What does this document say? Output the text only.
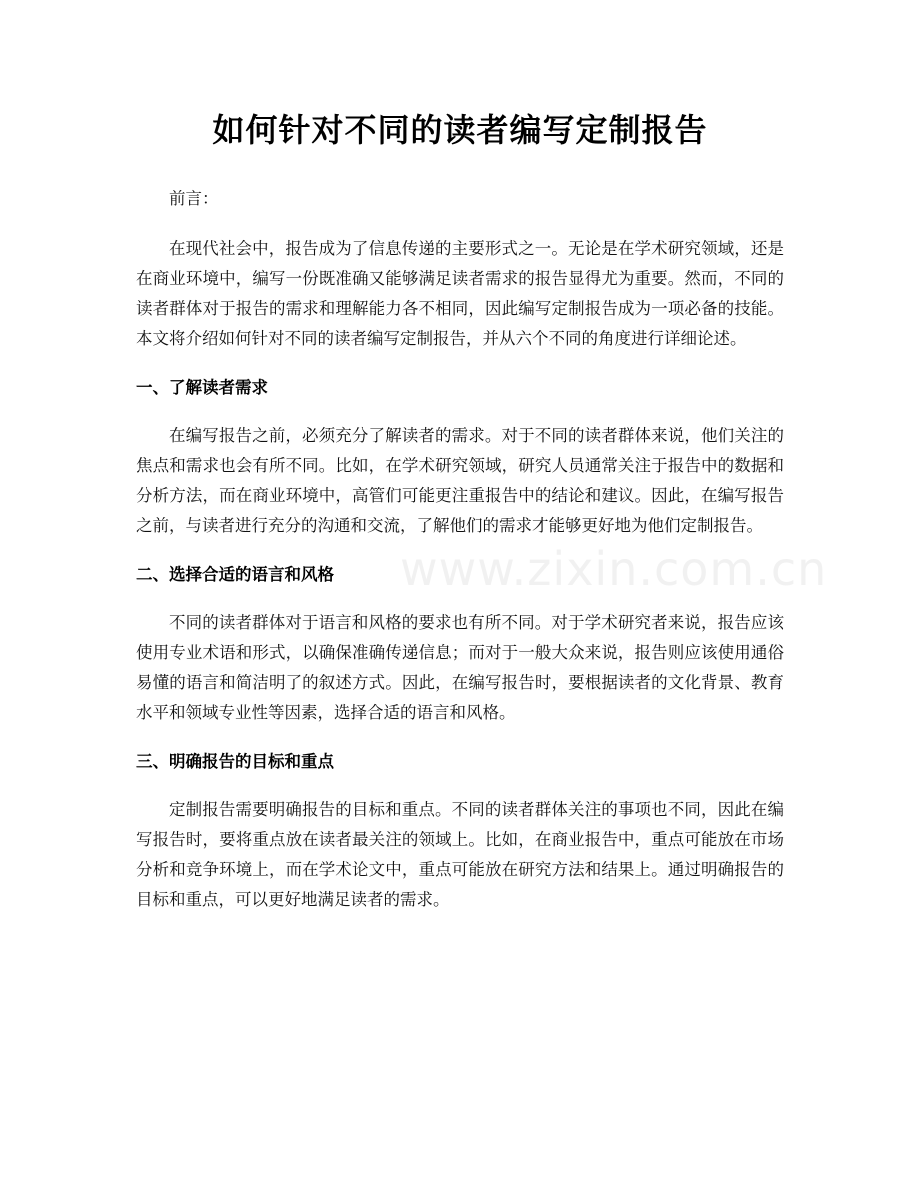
www.zixin.com.cn
如何针对不同的读者编写定制报告

前言：

在现代社会中，报告成为了信息传递的主要形式之一。无论是在学术研究领域，还是在商业环境中，编写一份既准确又能够满足读者需求的报告显得尤为重要。然而，不同的读者群体对于报告的需求和理解能力各不相同，因此编写定制报告成为一项必备的技能。本文将介绍如何针对不同的读者编写定制报告，并从六个不同的角度进行详细论述。

一、了解读者需求

在编写报告之前，必须充分了解读者的需求。对于不同的读者群体来说，他们关注的焦点和需求也会有所不同。比如，在学术研究领域，研究人员通常关注于报告中的数据和分析方法，而在商业环境中，高管们可能更注重报告中的结论和建议。因此，在编写报告之前，与读者进行充分的沟通和交流，了解他们的需求才能够更好地为他们定制报告。

二、选择合适的语言和风格

不同的读者群体对于语言和风格的要求也有所不同。对于学术研究者来说，报告应该使用专业术语和形式，以确保准确传递信息；而对于一般大众来说，报告则应该使用通俗易懂的语言和简洁明了的叙述方式。因此，在编写报告时，要根据读者的文化背景、教育水平和领域专业性等因素，选择合适的语言和风格。

三、明确报告的目标和重点

定制报告需要明确报告的目标和重点。不同的读者群体关注的事项也不同，因此在编写报告时，要将重点放在读者最关注的领域上。比如，在商业报告中，重点可能放在市场分析和竞争环境上，而在学术论文中，重点可能放在研究方法和结果上。通过明确报告的目标和重点，可以更好地满足读者的需求。
